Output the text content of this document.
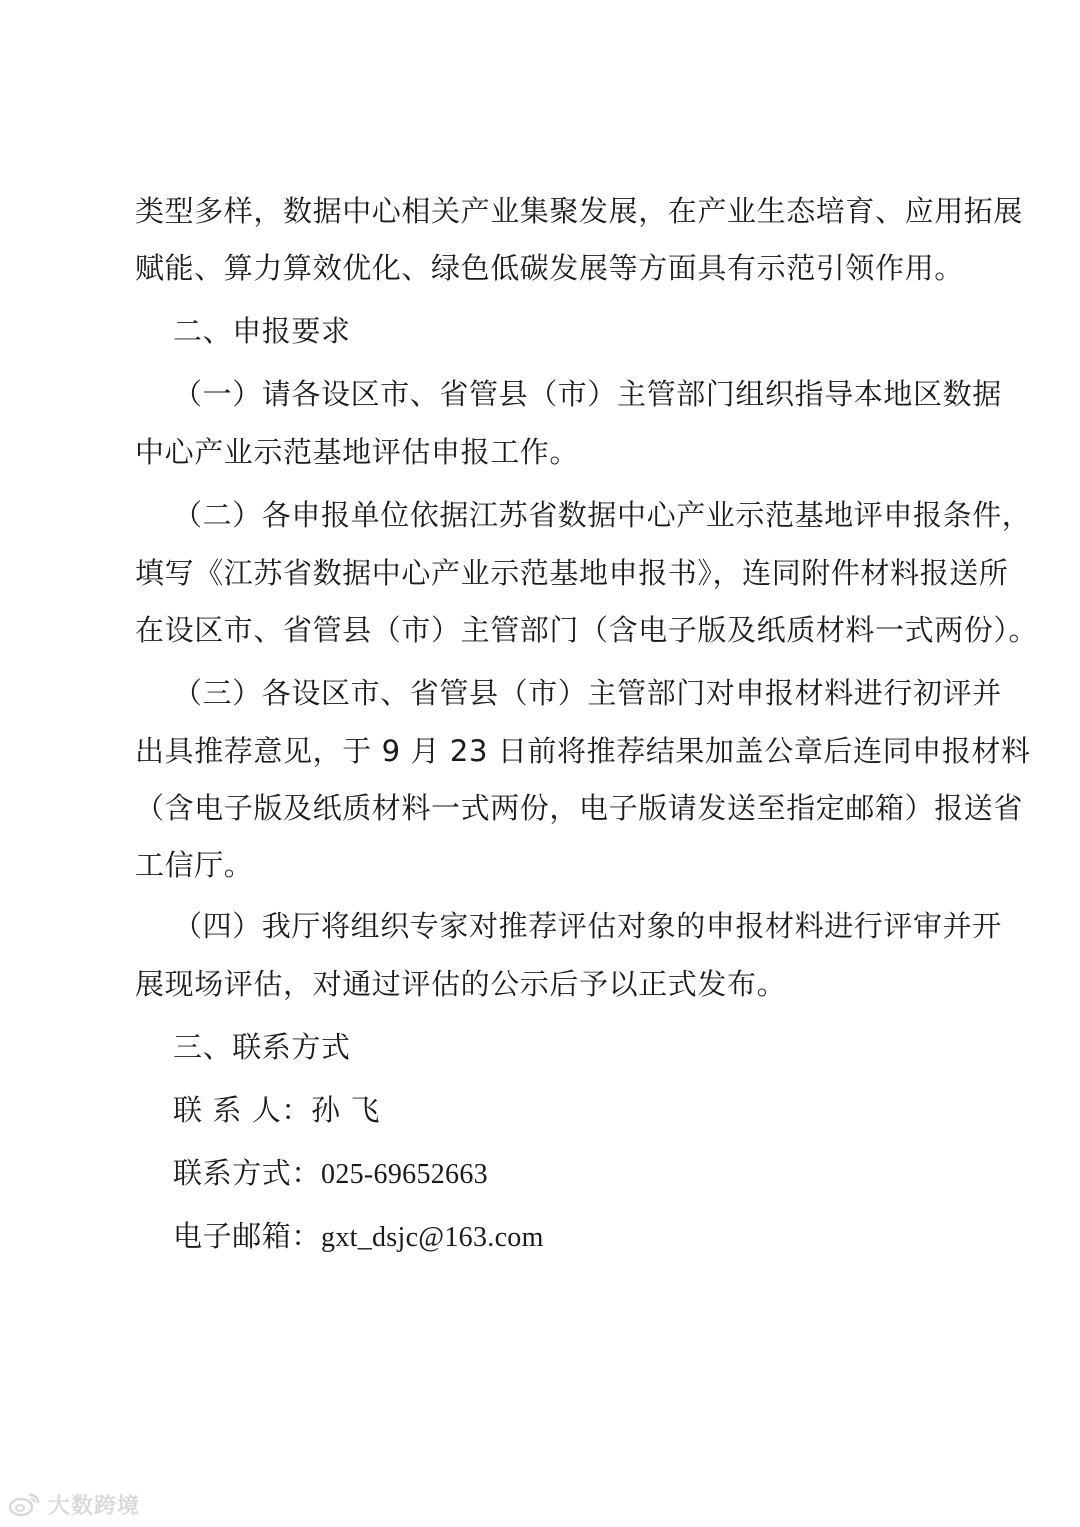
类型多样，数据中心相关产业集聚发展，在产业生态培育、应用拓展
赋能、算力算效优化、绿色低碳发展等方面具有示范引领作用。
二、申报要求
（一）请各设区市、省管县（市）主管部门组织指导本地区数据
中心产业示范基地评估申报工作。
（二）各申报单位依据江苏省数据中心产业示范基地评申报条件，
填写《江苏省数据中心产业示范基地申报书》，连同附件材料报送所
在设区市、省管县（市）主管部门（含电子版及纸质材料一式两份）。
（三）各设区市、省管县（市）主管部门对申报材料进行初评并
出具推荐意见，于 9 月 23 日前将推荐结果加盖公章后连同申报材料
（含电子版及纸质材料一式两份，电子版请发送至指定邮箱）报送省
工信厅。
（四）我厅将组织专家对推荐评估对象的申报材料进行评审并开
展现场评估，对通过评估的公示后予以正式发布。
三、联系方式
联 系 人：孙 飞
联系方式：025-69652663
电子邮箱：gxt_dsjc@163.com
大数跨境
